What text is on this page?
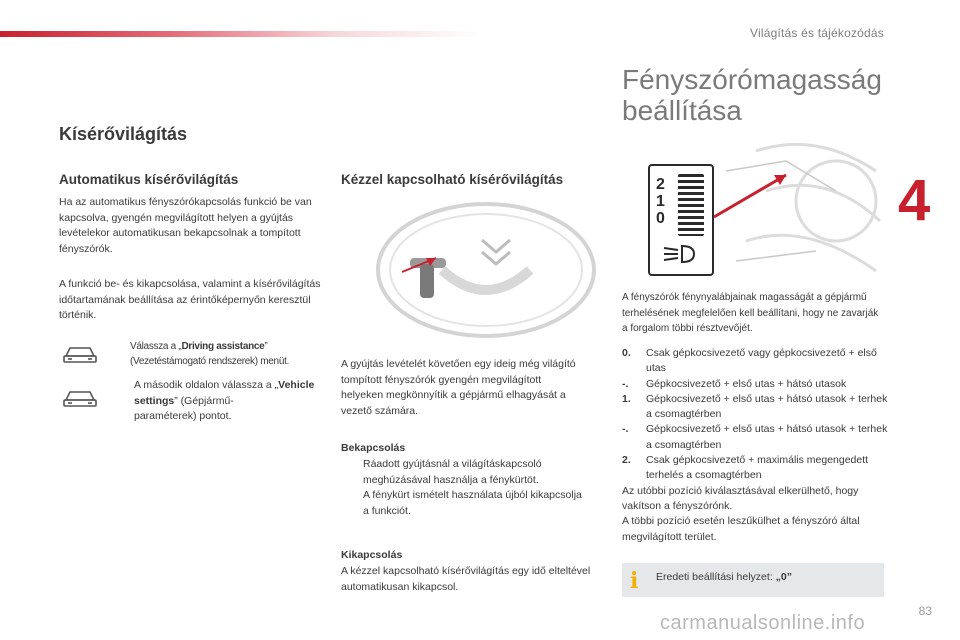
Világítás és tájékozódás
4
Kísérővilágítás
Automatikus kísérővilágítás

Ha az automatikus fényszórókapcsolás funkció be van kapcsolva, gyengén megvilágított helyen a gyújtás levételekor automatikusan bekapcsolnak a tompított fényszórók.

A funkció be- és kikapcsolása, valamint a kísérővilágítás időtartamának beállítása az érintőképernyőn keresztül történik.

Válassza a „Driving assistance”
(Vezetéstámogató rendszerek) menüt.
A második oldalon válassza a „Vehicle settings” (Gépjármű-
paraméterek) pontot.
Kézzel kapcsolható kísérővilágítás

A gyújtás levételét követően egy ideig még világító tompított fényszórók gyengén megvilágított helyeken megkönnyítik a gépjármű elhagyását a vezető számára.

Bekapcsolás
Ráadott gyújtásnál a világításkapcsoló meghúzásával használja a fénykürtöt.
A fénykürt ismételt használata újból kikapcsolja a funkciót.
Kikapcsolás

A kézzel kapcsolható kísérővilágítás egy idő elteltével automatikusan kikapcsol.

Fényszórómagasság
beállítása
2
1
0

A fényszórók fénynyalábjainak magasságát a gépjármű terhelésének megfelelően kell beállítani, hogy ne zavarják a forgalom többi résztvevőjét.

0. Csak gépkocsivezető vagy gépkocsivezető + első utas
-. Gépkocsivezető + első utas + hátsó utasok
1. Gépkocsivezető + első utas + hátsó utasok + terhek a csomagtérben
-. Gépkocsivezető + első utas + hátsó utasok + terhek a csomagtérben
2. Csak gépkocsivezető + maximális megengedett terhelés a csomagtérben
Az utóbbi pozíció kiválasztásával elkerülhető, hogy vakítson a fényszórónk.
A többi pozíció esetén leszűkülhet a fényszóró által megvilágított terület.
i Eredeti beállítási helyzet: „0”
83
carmanualsonline.info
